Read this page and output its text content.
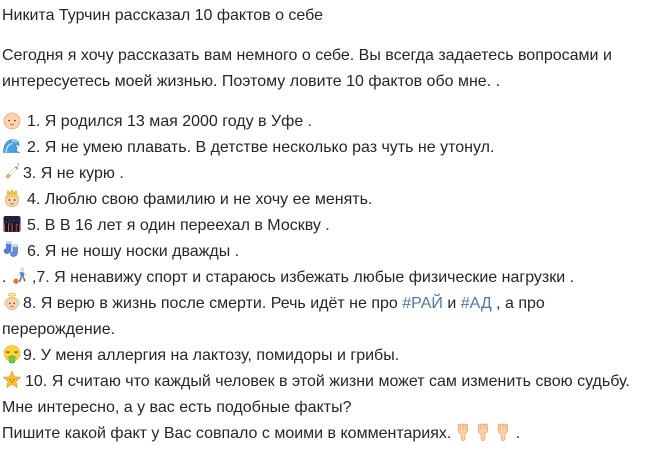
Никита Турчин рассказал 10 фактов о себе
Сегодня я хочу рассказать вам немного о себе. Вы всегда задаетесь вопросами и интересуетесь моей жизнью. Поэтому ловите 10 фактов обо мне. .
1. Я родился 13 мая 2000 году в Уфе .
2. Я не умею плавать. В детстве несколько раз чуть не утонул.
3. Я не курю .
4. Люблю свою фамилию и не хочу ее менять.
5. В В 16 лет я один переехал в Москву .
6. Я не ношу носки дважды .
. ,7. Я ненавижу спорт и стараюсь избежать любые физические нагрузки .
8. Я верю в жизнь после смерти. Речь идёт не про #РАЙ и #АД , а про перерождение.
9. У меня аллергия на лактозу, помидоры и грибы.
10. Я считаю что каждый человек в этой жизни может сам изменить свою судьбу.
Мне интересно, а у вас есть подобные факты?
Пишите какой факт у Вас совпало с моими в комментариях.	.
